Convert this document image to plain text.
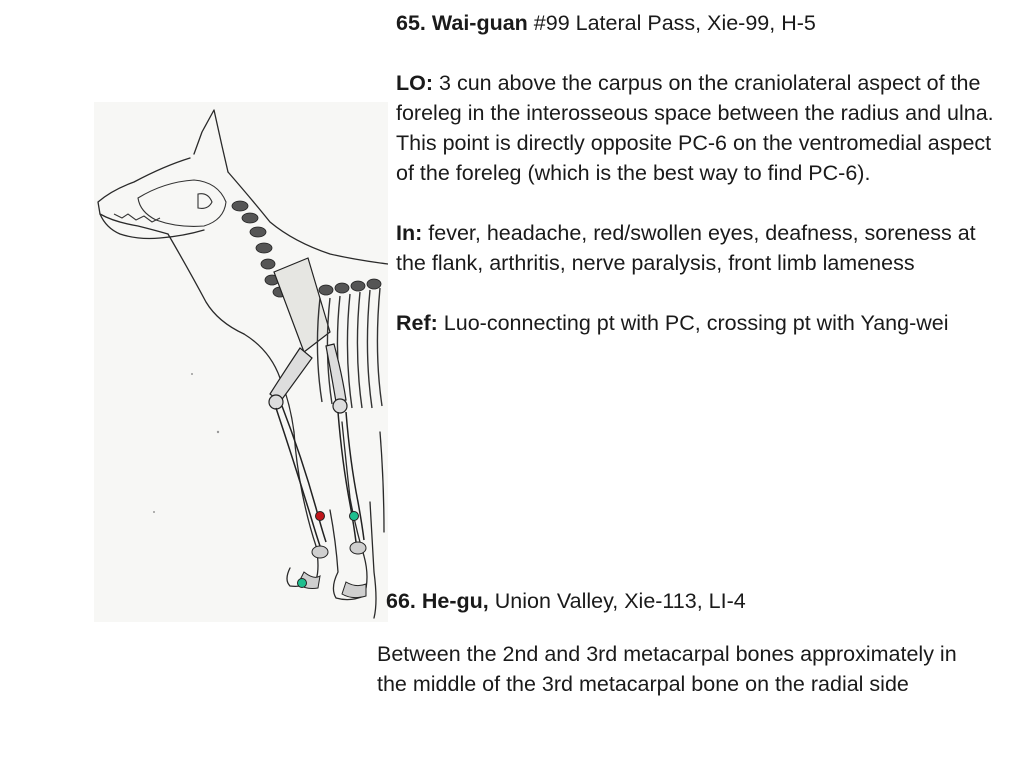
65. Wai-guan #99 Lateral Pass, Xie-99, H-5

LO: 3 cun above the carpus on the craniolateral aspect of the foreleg in the interosseous space between the radius and ulna. This point is directly opposite PC-6 on the ventromedial aspect of the foreleg (which is the best way to find PC-6).

In: fever, headache, red/swollen eyes, deafness, soreness at the flank, arthritis, nerve paralysis, front limb lameness

Ref: Luo-connecting pt with PC, crossing pt with Yang-wei

66. He-gu, Union Valley, Xie-113, LI-4
Between the 2nd and 3rd metacarpal bones approximately in the middle of the 3rd metacarpal bone on the radial side
